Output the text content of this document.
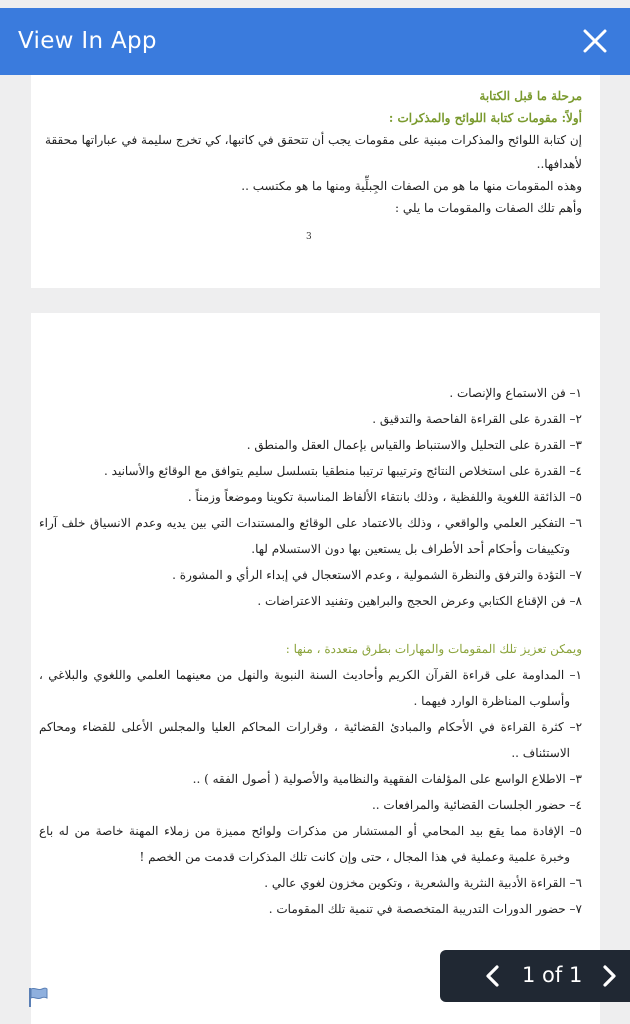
View In App
مرحلة ما قبل الكتابة
أولاً: مقومات كتابة اللوائح والمذكرات :
إن كتابة اللوائح والمذكرات مبنية على مقومات يجب أن تتحقق في كاتبها، كي تخرج سليمة في عباراتها محققة
لأهدافها..
وهذه المقومات منها ما هو من الصفات الجِبلِّية ومنها ما هو مكتسب ..
وأهم تلك الصفات والمقومات ما يلي :
3
١– فن الاستماع والإنصات .
٢– القدرة على القراءة الفاحصة والتدقيق .
٣– القدرة على التحليل والاستنباط والقياس بإعمال العقل والمنطق .
٤– القدرة على استخلاص النتائج وترتيبها ترتيبا منطقيا بتسلسل سليم يتوافق مع الوقائع والأسانيد .
٥– الذائقة اللغوية واللفظية ، وذلك بانتقاء الألفاظ المناسبة تكوينا وموضعاً وزمناً .
٦– التفكير العلمي والواقعي ، وذلك بالاعتماد على الوقائع والمستندات التي بين يديه وعدم الانسياق خلف آراء
وتكييفات وأحكام أحد الأطراف بل يستعين بها دون الاستسلام لها.
٧– التؤدة والترفق والنظرة الشمولية ، وعدم الاستعجال في إبداء الرأي و المشورة .
٨– فن الإقناع الكتابي وعرض الحجج والبراهين وتفنيد الاعتراضات .
ويمكن تعزيز تلك المقومات والمهارات بطرق متعددة ، منها :
١– المداومة على قراءة القرآن الكريم وأحاديث السنة النبوية والنهل من معينهما العلمي واللغوي والبلاغي ،
وأسلوب المناظرة الوارد فيهما .
٢– كثرة القراءة في الأحكام والمبادئ القضائية ، وقرارات المحاكم العليا والمجلس الأعلى للقضاء ومحاكم
الاستئناف ..
٣– الاطلاع الواسع على المؤلفات الفقهية والنظامية والأصولية ( أصول الفقه ) ..
٤– حضور الجلسات القضائية والمرافعات ..
٥– الإفادة مما يقع بيد المحامي أو المستشار من مذكرات ولوائح مميزة من زملاء المهنة خاصة من له باع
وخبرة علمية وعملية في هذا المجال ، حتى وإن كانت تلك المذكرات قدمت من الخصم !
٦– القراءة الأدبية النثرية والشعرية ، وتكوين مخزون لغوي عالي .
٧– حضور الدورات التدريبة المتخصصة في تنمية تلك المقومات .
1 of 1
